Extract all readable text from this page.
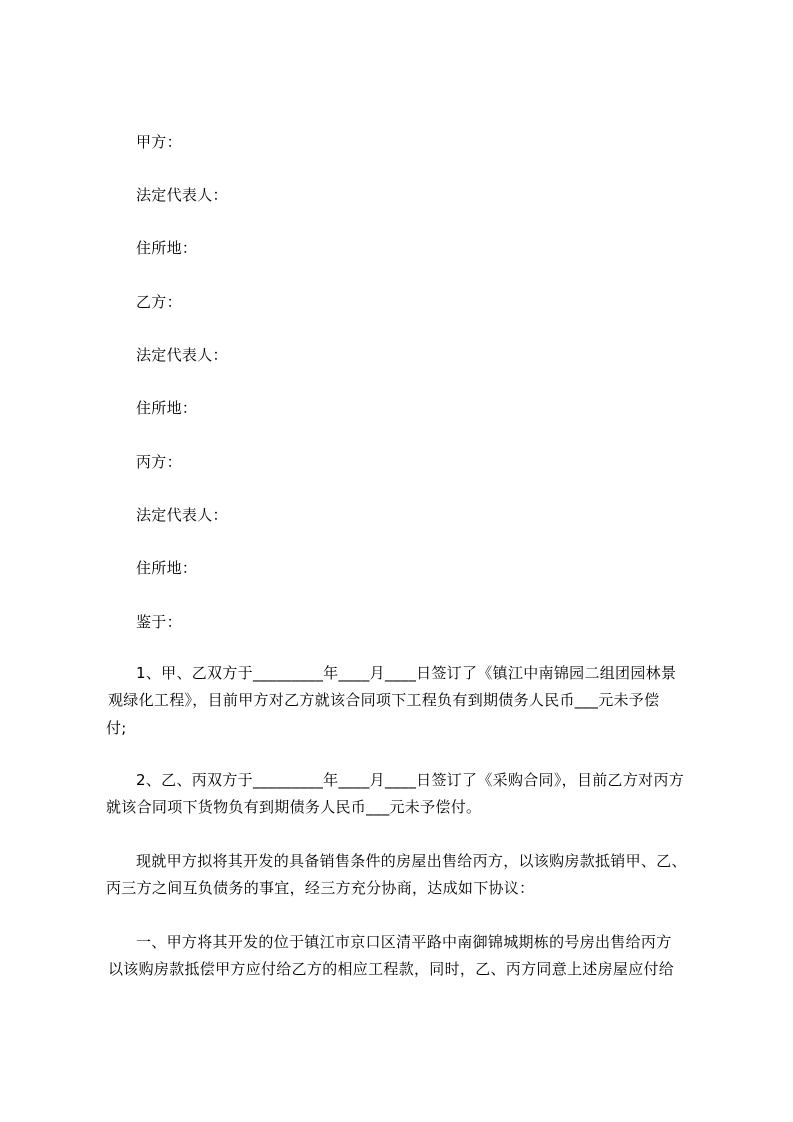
甲方：
法定代表人：
住所地：
乙方：
法定代表人：
住所地：
丙方：
法定代表人：
住所地：
鉴于：
1、甲、乙双方于_________年____月____日签订了《镇江中南锦园二组团园林景
观绿化工程》，目前甲方对乙方就该合同项下工程负有到期债务人民币___元未予偿
付;
2、乙、丙双方于_________年____月____日签订了《采购合同》，目前乙方对丙方
就该合同项下货物负有到期债务人民币___元未予偿付。
现就甲方拟将其开发的具备销售条件的房屋出售给丙方，以该购房款抵销甲、乙、
丙三方之间互负债务的事宜，经三方充分协商，达成如下协议：
一、甲方将其开发的位于镇江市京口区清平路中南御锦城期栋的号房出售给丙方
以该购房款抵偿甲方应付给乙方的相应工程款，同时，乙、丙方同意上述房屋应付给
